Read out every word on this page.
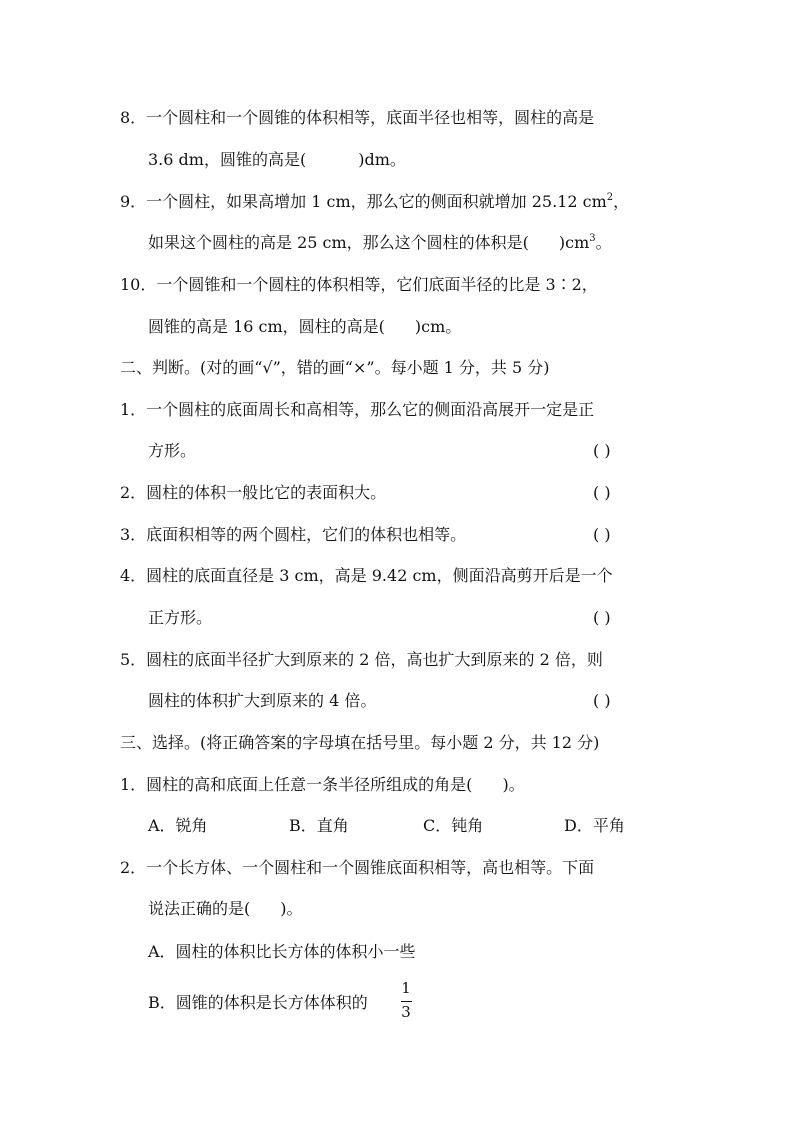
8．一个圆柱和一个圆锥的体积相等，底面半径也相等，圆柱的高是
3.6 dm，圆锥的高是(	)dm。
9．一个圆柱，如果高增加 1 cm，那么它的侧面积就增加 25.12 $cm^2$，
如果这个圆柱的高是 25 cm，那么这个圆柱的体积是( )$cm^3$。
10．一个圆锥和一个圆柱的体积相等，它们底面半径的比是 3∶2，
圆锥的高是 16 cm，圆柱的高是( )cm。
二、判断。(对的画“√”，错的画“×”。每小题 1 分，共 5 分)
1．一个圆柱的底面周长和高相等，那么它的侧面沿高展开一定是正
方形。	( )
2．圆柱的体积一般比它的表面积大。	( )
3．底面积相等的两个圆柱，它们的体积也相等。	( )
4．圆柱的底面直径是 3 cm，高是 9.42 cm，侧面沿高剪开后是一个
正方形。	( )
5．圆柱的底面半径扩大到原来的 2 倍，高也扩大到原来的 2 倍，则
圆柱的体积扩大到原来的 4 倍。	( )
三、选择。(将正确答案的字母填在括号里。每小题 2 分，共 12 分)
1．圆柱的高和底面上任意一条半径所组成的角是( )。
A．锐角	B．直角	C．钝角	D．平角
2．一个长方体、一个圆柱和一个圆锥底面积相等，高也相等。下面
说法正确的是( )。
A．圆柱的体积比长方体的体积小一些
B．圆锥的体积是长方体体积的
1
3
